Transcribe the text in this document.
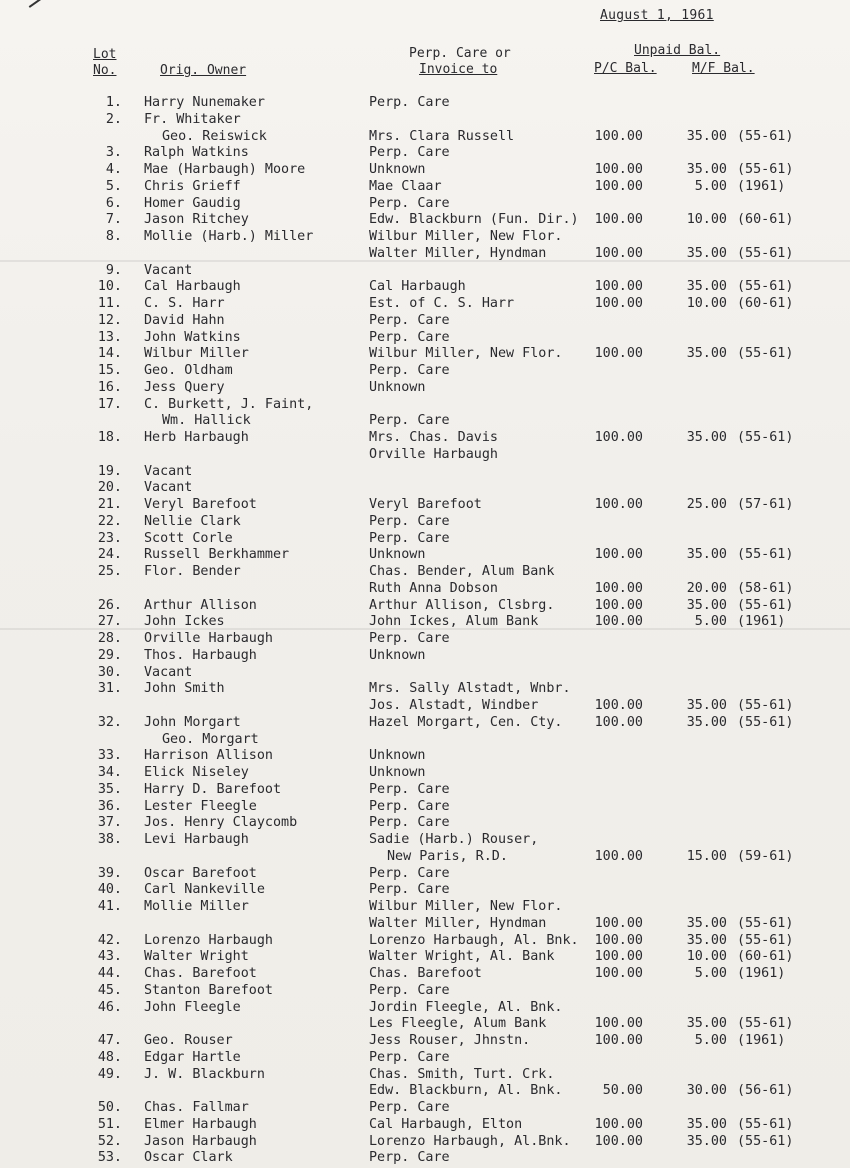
August 1, 1961
Lot
No.	Orig. Owner
Perp. Care or
Invoice to
Unpaid Bal.
P/C Bal.	M/F Bal.
1. Harry Nunemaker	Perp. Care
2. Fr. Whitaker
Geo. Reiswick	Mrs. Clara Russell	100.00	35.00 (55-61)
3. Ralph Watkins	Perp. Care
4. Mae (Harbaugh) Moore	Unknown	100.00	35.00 (55-61)
5. Chris Grieff	Mae Claar	100.00	5.00 (1961)
6. Homer Gaudig	Perp. Care
7. Jason Ritchey	Edw. Blackburn (Fun. Dir.) 100.00	10.00 (60-61)
8. Mollie (Harb.) Miller	Wilbur Miller, New Flor.
Walter Miller, Hyndman	100.00	35.00 (55-61)
9. Vacant
10. Cal Harbaugh	Cal Harbaugh	100.00	35.00 (55-61)
11. C. S. Harr	Est. of C. S. Harr	100.00	10.00 (60-61)
12. David Hahn	Perp. Care
13. John Watkins	Perp. Care
14. Wilbur Miller	Wilbur Miller, New Flor. 100.00	35.00 (55-61)
15. Geo. Oldham	Perp. Care
16. Jess Query	Unknown
17. C. Burkett, J. Faint,
Wm. Hallick	Perp. Care
18. Herb Harbaugh	Mrs. Chas. Davis	100.00	35.00 (55-61)
Orville Harbaugh
19. Vacant
20. Vacant
21. Veryl Barefoot	Veryl Barefoot	100.00	25.00 (57-61)
22. Nellie Clark	Perp. Care
23. Scott Corle	Perp. Care
24. Russell Berkhammer	Unknown	100.00	35.00 (55-61)
25. Flor. Bender	Chas. Bender, Alum Bank
Ruth Anna Dobson	100.00	20.00 (58-61)
26. Arthur Allison	Arthur Allison, Clsbrg.	100.00	35.00 (55-61)
27. John Ickes	John Ickes, Alum Bank	100.00	5.00 (1961)
28. Orville Harbaugh	Perp. Care
29. Thos. Harbaugh	Unknown
30. Vacant
31. John Smith	Mrs. Sally Alstadt, Wnbr.
Jos. Alstadt, Windber	100.00	35.00 (55-61)
32. John Morgart	Hazel Morgart, Cen. Cty. 100.00	35.00 (55-61)
Geo. Morgart
33. Harrison Allison	Unknown
34. Elick Niseley	Unknown
35. Harry D. Barefoot	Perp. Care
36. Lester Fleegle	Perp. Care
37. Jos. Henry Claycomb	Perp. Care
38. Levi Harbaugh	Sadie (Harb.) Rouser,
New Paris, R.D.	100.00	15.00 (59-61)
39. Oscar Barefoot	Perp. Care
40. Carl Nankeville	Perp. Care
41. Mollie Miller	Wilbur Miller, New Flor.
Walter Miller, Hyndman	100.00	35.00 (55-61)
42. Lorenzo Harbaugh	Lorenzo Harbaugh, Al. Bnk. 100.00	35.00 (55-61)
43. Walter Wright	Walter Wright, Al. Bank	100.00	10.00 (60-61)
44. Chas. Barefoot	Chas. Barefoot	100.00	5.00 (1961)
45. Stanton Barefoot	Perp. Care
46. John Fleegle	Jordin Fleegle, Al. Bnk.
Les Fleegle, Alum Bank	100.00	35.00 (55-61)
47. Geo. Rouser	Jess Rouser, Jhnstn.	100.00	5.00 (1961)
48. Edgar Hartle	Perp. Care
49. J. W. Blackburn	Chas. Smith, Turt. Crk.
Edw. Blackburn, Al. Bnk.	50.00	30.00 (56-61)
50. Chas. Fallmar	Perp. Care
51. Elmer Harbaugh	Cal Harbaugh, Elton	100.00	35.00 (55-61)
52. Jason Harbaugh	Lorenzo Harbaugh, Al.Bnk. 100.00	35.00 (55-61)
53. Oscar Clark	Perp. Care
